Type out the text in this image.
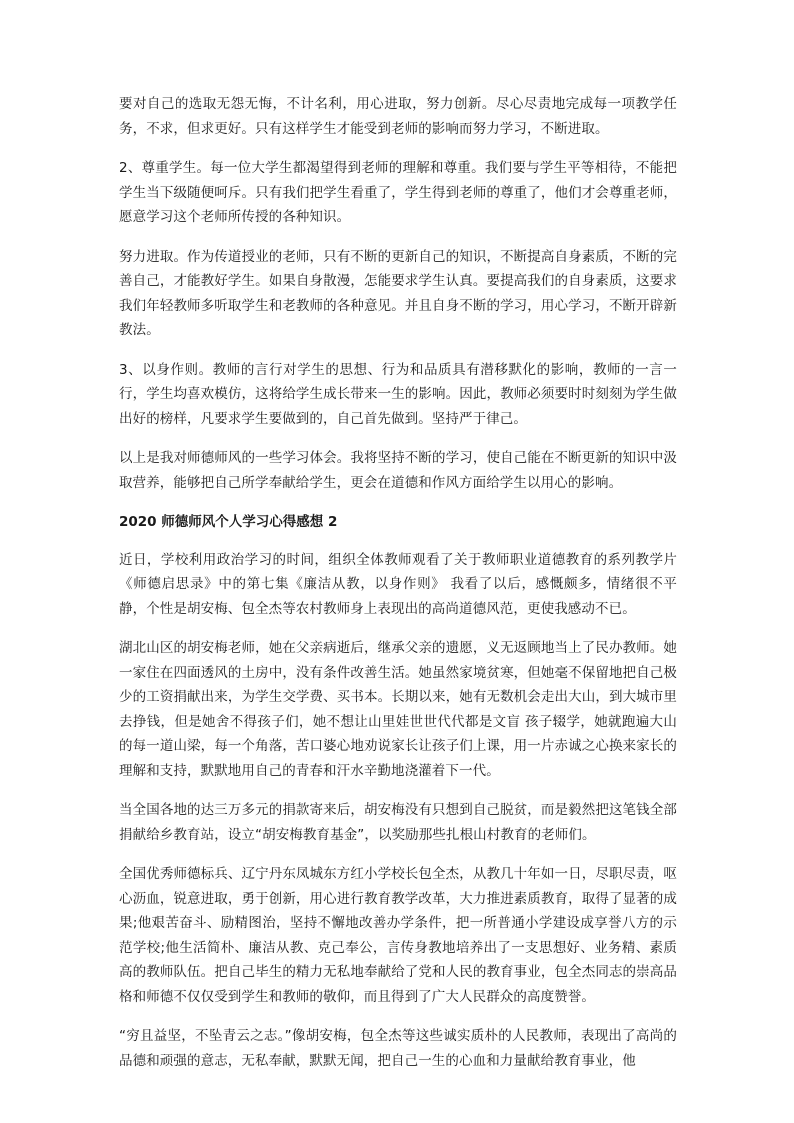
要对自己的选取无怨无悔，不计名利，用心进取，努力创新。尽心尽责地完成每一项教学任务，不求，但求更好。只有这样学生才能受到老师的影响而努力学习，不断进取。

2、尊重学生。每一位大学生都渴望得到老师的理解和尊重。我们要与学生平等相待，不能把学生当下级随便呵斥。只有我们把学生看重了，学生得到老师的尊重了，他们才会尊重老师，愿意学习这个老师所传授的各种知识。

努力进取。作为传道授业的老师，只有不断的更新自己的知识，不断提高自身素质，不断的完善自己，才能教好学生。如果自身散漫，怎能要求学生认真。要提高我们的自身素质，这要求我们年轻教师多听取学生和老教师的各种意见。并且自身不断的学习，用心学习，不断开辟新教法。

3、以身作则。教师的言行对学生的思想、行为和品质具有潜移默化的影响，教师的一言一行，学生均喜欢模仿，这将给学生成长带来一生的影响。因此，教师必须要时时刻刻为学生做出好的榜样，凡要求学生要做到的，自己首先做到。坚持严于律己。

以上是我对师德师风的一些学习体会。我将坚持不断的学习，使自己能在不断更新的知识中汲取营养，能够把自己所学奉献给学生，更会在道德和作风方面给学生以用心的影响。

2020 师德师风个人学习心得感想 2

近日，学校利用政治学习的时间，组织全体教师观看了关于教师职业道德教育的系列教学片《师德启思录》中的第七集《廉洁从教，以身作则》 我看了以后，感慨颇多，情绪很不平静，个性是胡安梅、包全杰等农村教师身上表现出的高尚道德风范，更使我感动不已。

湖北山区的胡安梅老师，她在父亲病逝后，继承父亲的遗愿，义无返顾地当上了民办教师。她一家住在四面透风的土房中，没有条件改善生活。她虽然家境贫寒，但她毫不保留地把自己极少的工资捐献出来，为学生交学费、买书本。长期以来，她有无数机会走出大山，到大城市里去挣钱，但是她舍不得孩子们，她不想让山里娃世世代代都是文盲 孩子辍学，她就跑遍大山的每一道山梁，每一个角落，苦口婆心地劝说家长让孩子们上课，用一片赤诚之心换来家长的理解和支持，默默地用自己的青春和汗水辛勤地浇灌着下一代。

当全国各地的达三万多元的捐款寄来后，胡安梅没有只想到自己脱贫，而是毅然把这笔钱全部捐献给乡教育站，设立“胡安梅教育基金”，以奖励那些扎根山村教育的老师们。

全国优秀师德标兵、辽宁丹东凤城东方红小学校长包全杰，从教几十年如一日，尽职尽责，呕心沥血，锐意进取，勇于创新，用心进行教育教学改革，大力推进素质教育，取得了显著的成果;他艰苦奋斗、励精图治，坚持不懈地改善办学条件，把一所普通小学建设成享誉八方的示范学校;他生活简朴、廉洁从教、克己奉公，言传身教地培养出了一支思想好、业务精、素质高的教师队伍。把自己毕生的精力无私地奉献给了党和人民的教育事业，包全杰同志的崇高品格和师德不仅仅受到学生和教师的敬仰，而且得到了广大人民群众的高度赞誉。

“穷且益坚，不坠青云之志。”像胡安梅，包全杰等这些诚实质朴的人民教师，表现出了高尚的品德和顽强的意志，无私奉献，默默无闻，把自己一生的心血和力量献给教育事业，他
